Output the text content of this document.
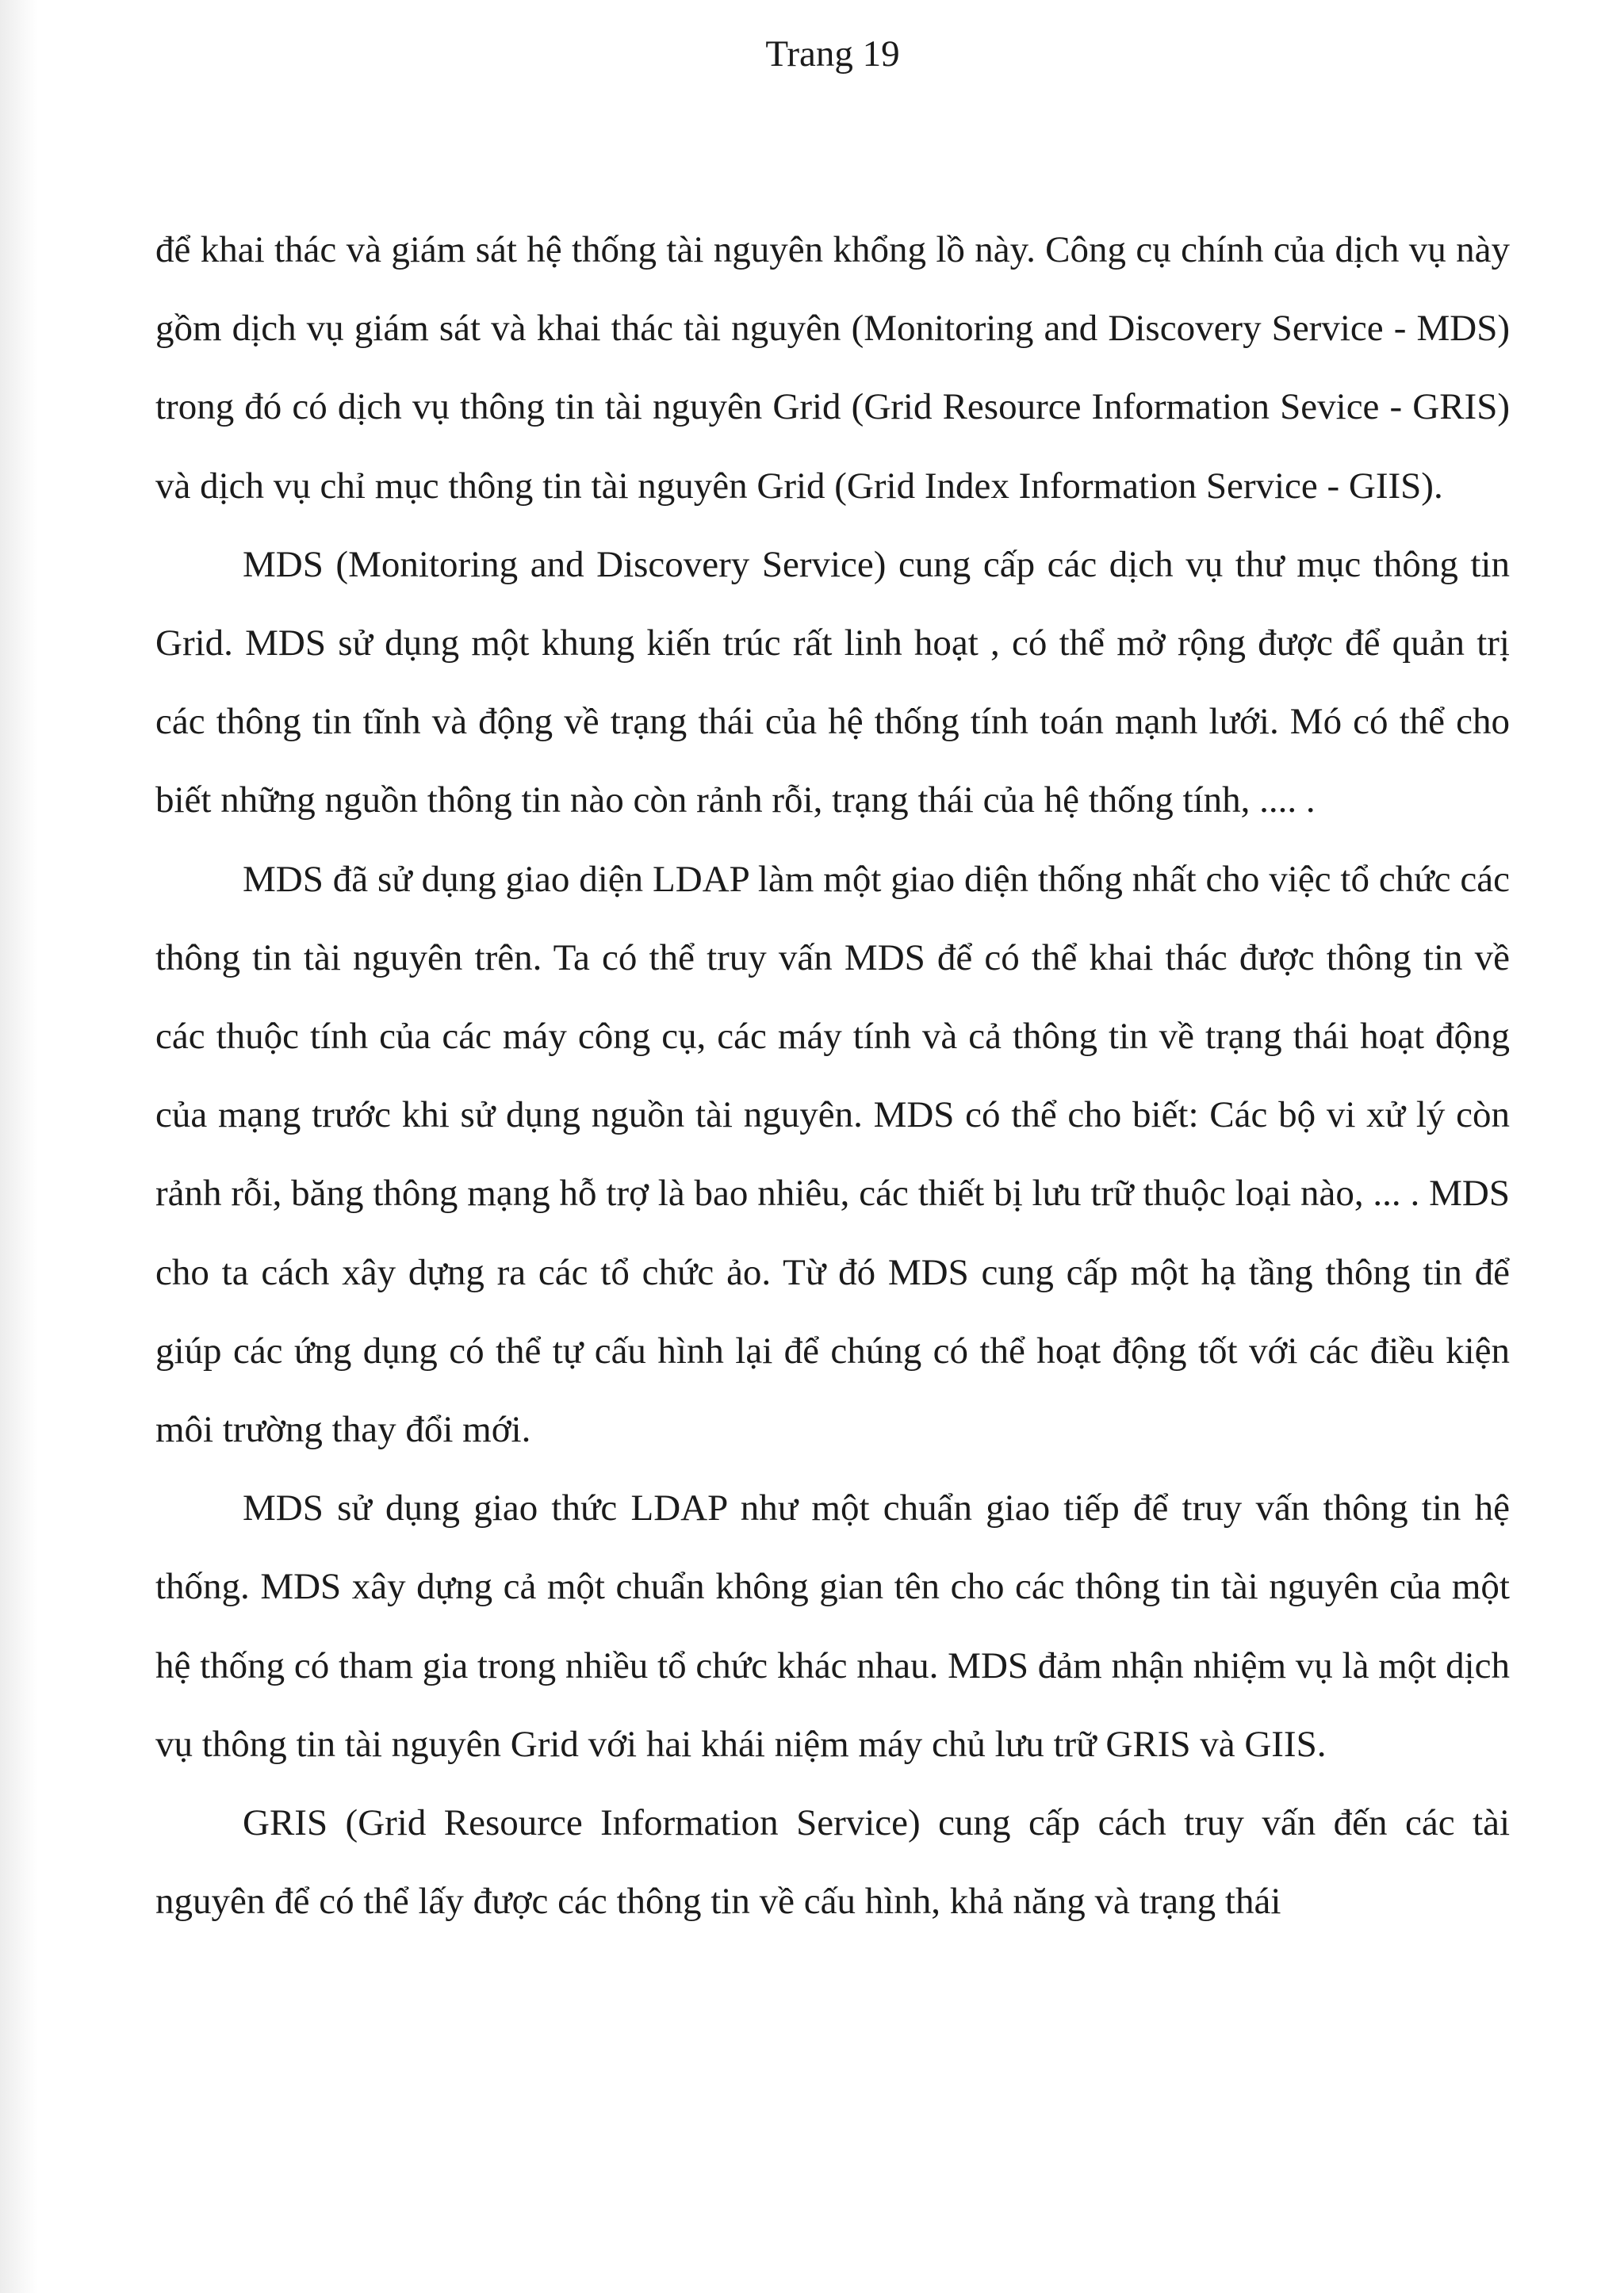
Trang 19

để khai thác và giám sát hệ thống tài nguyên khổng lồ này. Công cụ chính của dịch vụ này gồm dịch vụ giám sát và khai thác tài nguyên (Monitoring and Discovery Service - MDS) trong đó có dịch vụ thông tin tài nguyên Grid (Grid Resource Information Sevice - GRIS) và dịch vụ chỉ mục thông tin tài nguyên Grid (Grid Index Information Service - GIIS).

MDS (Monitoring and Discovery Service) cung cấp các dịch vụ thư mục thông tin Grid. MDS sử dụng một khung kiến trúc rất linh hoạt , có thể mở rộng được để quản trị các thông tin tĩnh và động về trạng thái của hệ thống tính toán mạnh lưới. Mó có thể cho biết những nguồn thông tin nào còn rảnh rỗi, trạng thái của hệ thống tính, .... .

MDS đã sử dụng giao diện LDAP làm một giao diện thống nhất cho việc tổ chức các thông tin tài nguyên trên. Ta có thể truy vấn MDS để có thể khai thác được thông tin về các thuộc tính của các máy công cụ, các máy tính và cả thông tin về trạng thái hoạt động của mạng trước khi sử dụng nguồn tài nguyên. MDS có thể cho biết: Các bộ vi xử lý còn rảnh rỗi, băng thông mạng hỗ trợ là bao nhiêu, các thiết bị lưu trữ thuộc loại nào, ... . MDS cho ta cách xây dựng ra các tổ chức ảo. Từ đó MDS cung cấp một hạ tầng thông tin để giúp các ứng dụng có thể tự cấu hình lại để chúng có thể hoạt động tốt với các điều kiện môi trường thay đổi mới.

MDS sử dụng giao thức LDAP như một chuẩn giao tiếp để truy vấn thông tin hệ thống. MDS xây dựng cả một chuẩn không gian tên cho các thông tin tài nguyên của một hệ thống có tham gia trong nhiều tổ chức khác nhau. MDS đảm nhận nhiệm vụ là một dịch vụ thông tin tài nguyên Grid với hai khái niệm máy chủ lưu trữ GRIS và GIIS.

GRIS (Grid Resource Information Service) cung cấp cách truy vấn đến các tài nguyên để có thể lấy được các thông tin về cấu hình, khả năng và trạng thái
